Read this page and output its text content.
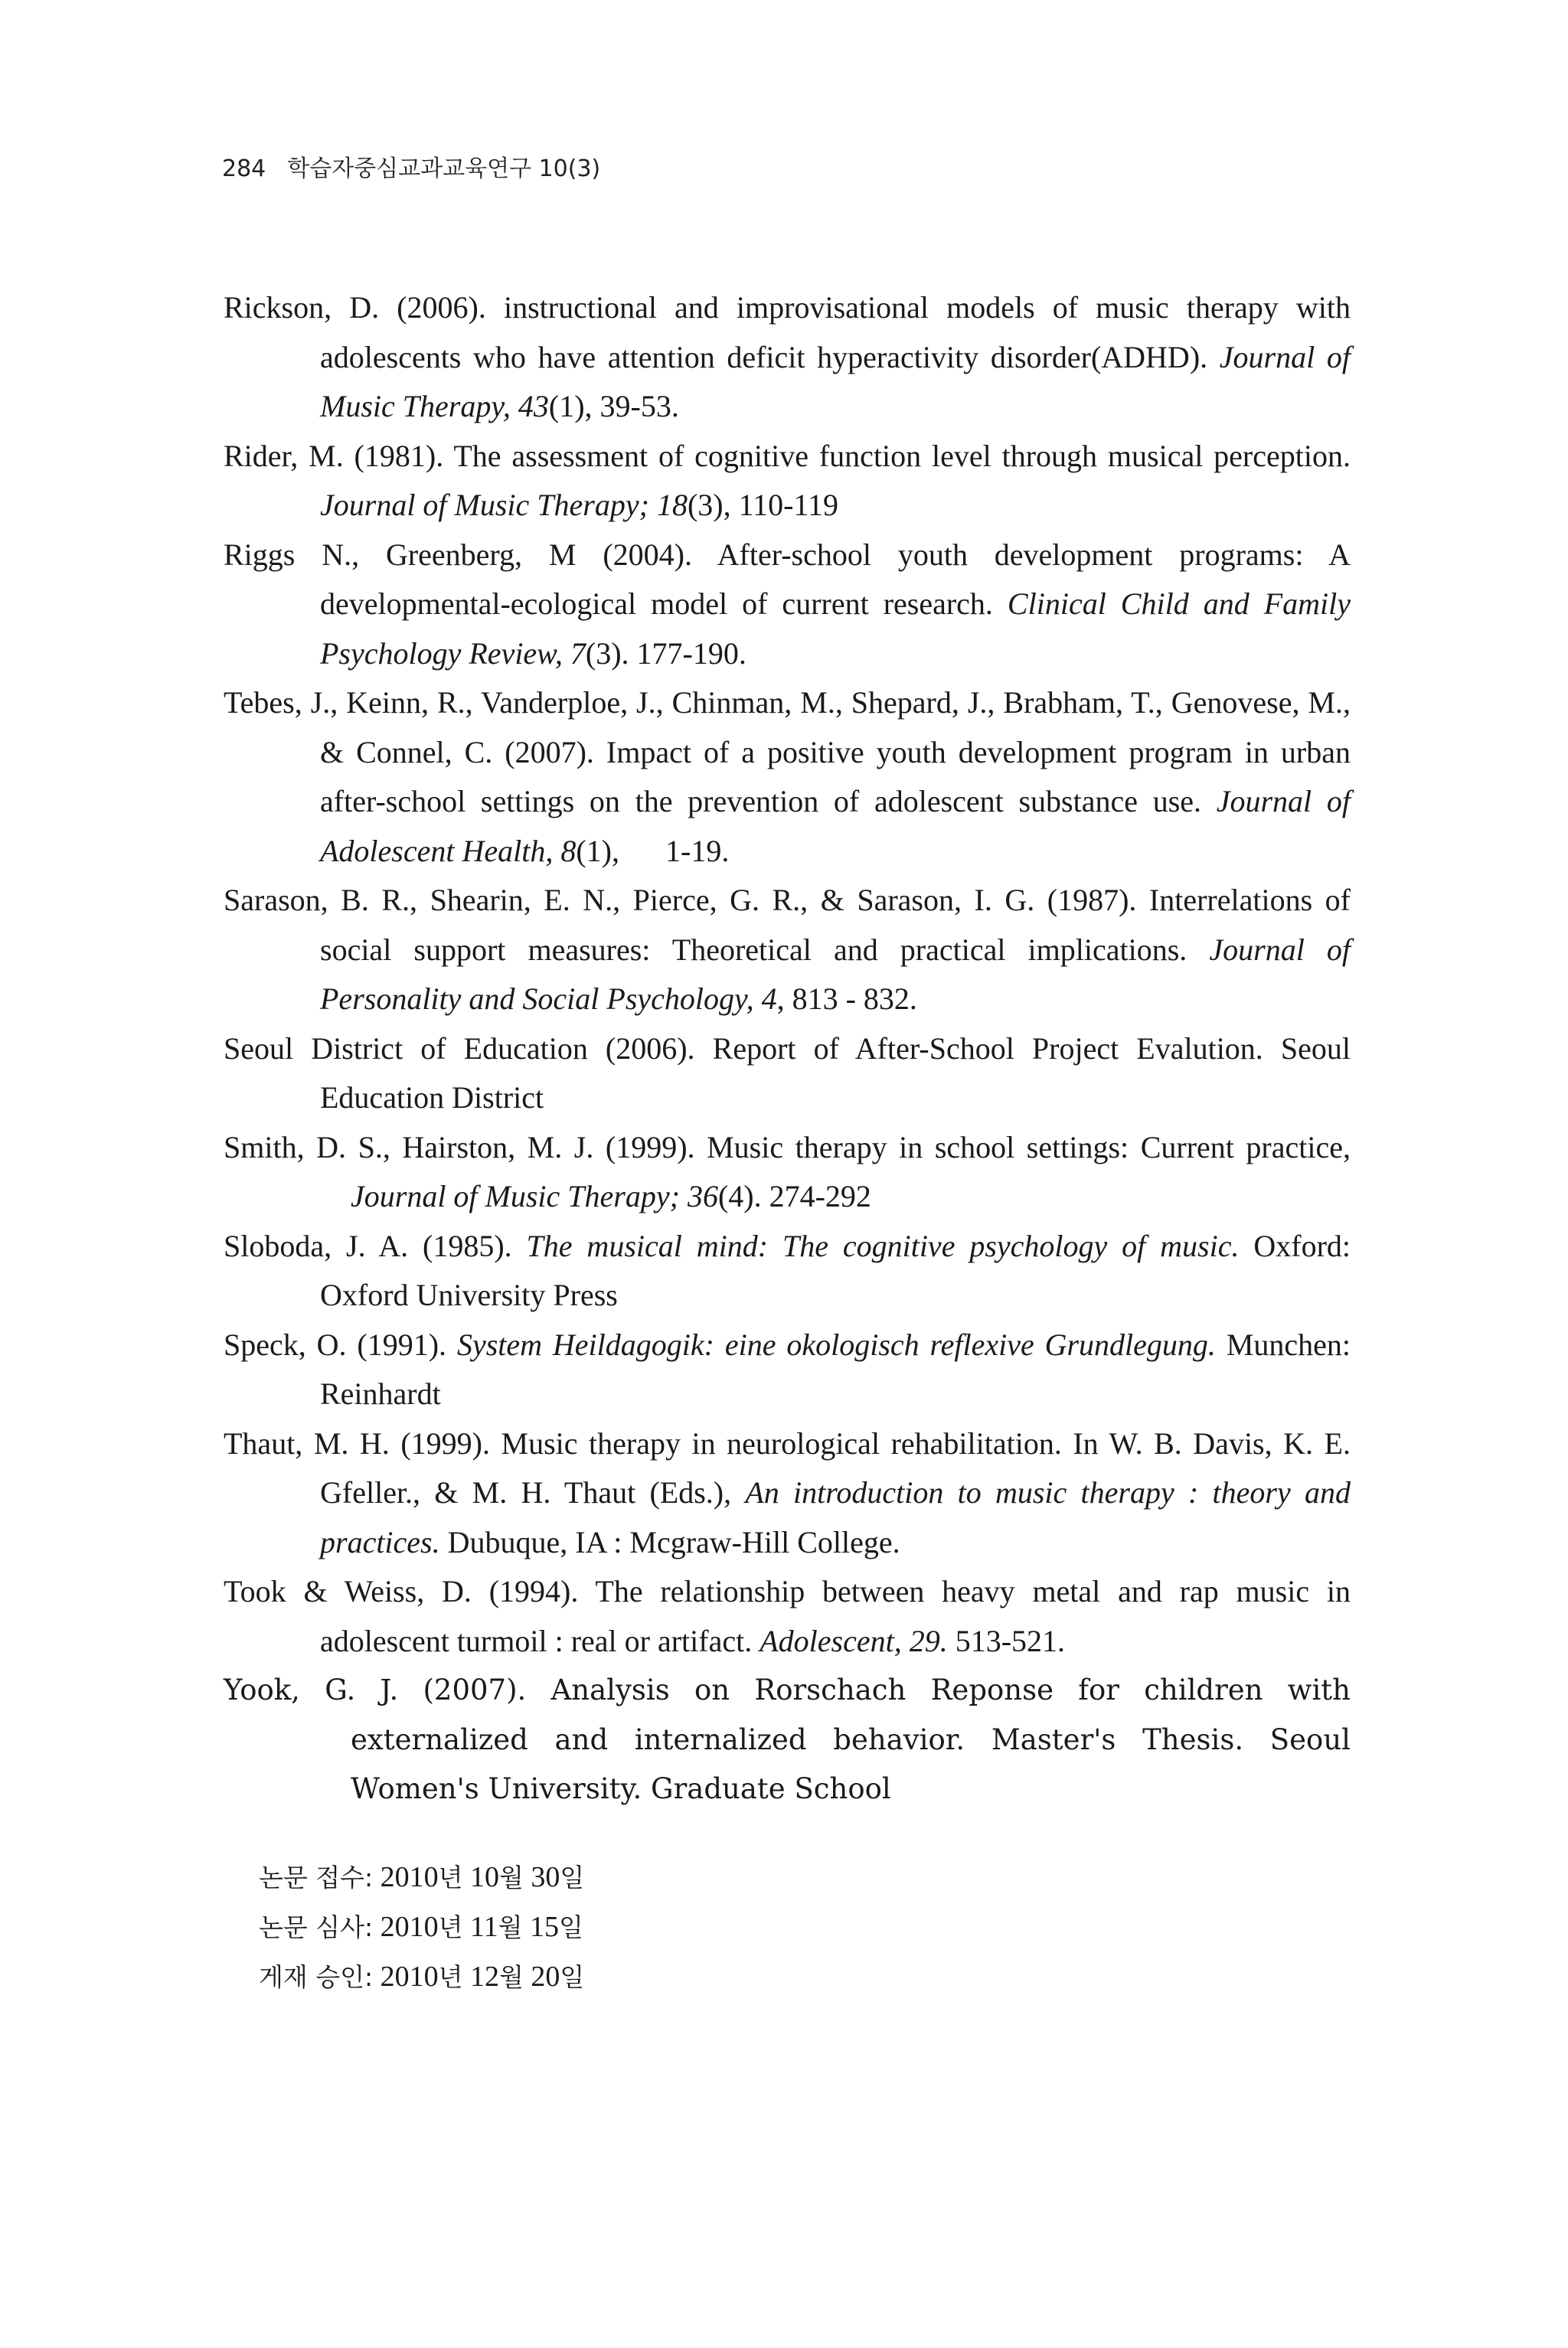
284 학습자중심교과교육연구 10(3)

Rickson, D. (2006). instructional and improvisational models of music therapy with adolescents who have attention deficit hyperactivity disorder(ADHD). Journal of Music Therapy, 43(1), 39-53.

Rider, M. (1981). The assessment of cognitive function level through musical perception. Journal of Music Therapy; 18(3), 110-119

Riggs N., Greenberg, M (2004). After-school youth development programs: A developmental-ecological model of current research. Clinical Child and Family Psychology Review, 7(3). 177-190.

Tebes, J., Keinn, R., Vanderploe, J., Chinman, M., Shepard, J., Brabham, T., Genovese, M., & Connel, C. (2007). Impact of a positive youth development program in urban after-school settings on the prevention of adolescent substance use. Journal of Adolescent Health, 8(1),      1-19.

Sarason, B. R., Shearin, E. N., Pierce, G. R., & Sarason, I. G. (1987). Interrelations of social support measures: Theoretical and practical implications. Journal of Personality and Social Psychology, 4, 813 - 832.

Seoul District of Education (2006). Report of After-School Project Evalution. Seoul Education District

Smith, D. S., Hairston, M. J. (1999). Music therapy in school settings: Current practice, Journal of Music Therapy; 36(4). 274-292

Sloboda, J. A. (1985). The musical mind: The cognitive psychology of music. Oxford: Oxford University Press

Speck, O. (1991). System Heildagogik: eine okologisch reflexive Grundlegung. Munchen: Reinhardt

Thaut, M. H. (1999). Music therapy in neurological rehabilitation. In W. B. Davis, K. E. Gfeller., & M. H. Thaut (Eds.), An introduction to music therapy : theory and practices. Dubuque, IA : Mcgraw-Hill College.

Took & Weiss, D. (1994). The relationship between heavy metal and rap music in adolescent turmoil : real or artifact. Adolescent, 29. 513-521.

Yook, G. J. (2007). Analysis on Rorschach Reponse for children with externalized and internalized behavior. Master's Thesis. Seoul Women's University. Graduate School

논문 접수: 2010년 10월 30일
논문 심사: 2010년 11월 15일
게재 승인: 2010년 12월 20일
